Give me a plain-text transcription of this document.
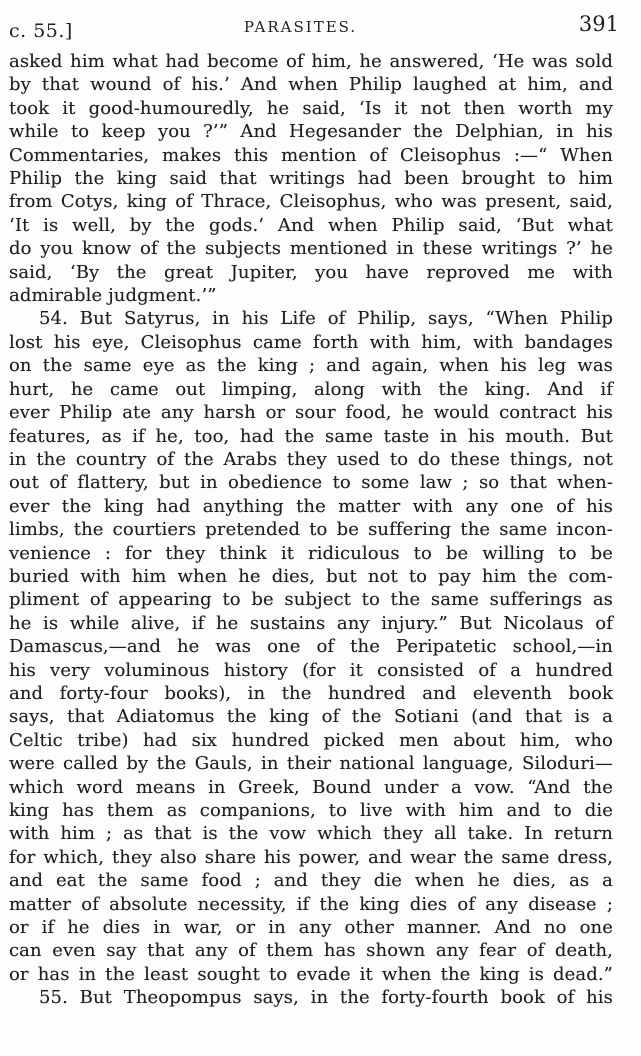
c. 55.]	PARASITES.	391
asked him what had become of him, he answered, ‘He was sold
by that wound of his.’ And when Philip laughed at him, and
took it good-humouredly, he said, ‘Is it not then worth my
while to keep you ?’” And Hegesander the Delphian, in his
Commentaries, makes this mention of Cleisophus :—“ When
Philip the king said that writings had been brought to him
from Cotys, king of Thrace, Cleisophus, who was present, said,
‘It is well, by the gods.’ And when Philip said, ‘But what
do you know of the subjects mentioned in these writings ?’ he
said, ‘By the great Jupiter, you have reproved me with
admirable judgment.’”
54. But Satyrus, in his Life of Philip, says, “When Philip
lost his eye, Cleisophus came forth with him, with bandages
on the same eye as the king ; and again, when his leg was
hurt, he came out limping, along with the king. And if
ever Philip ate any harsh or sour food, he would contract his
features, as if he, too, had the same taste in his mouth. But
in the country of the Arabs they used to do these things, not
out of flattery, but in obedience to some law ; so that when-
ever the king had anything the matter with any one of his
limbs, the courtiers pretended to be suffering the same incon-
venience : for they think it ridiculous to be willing to be
buried with him when he dies, but not to pay him the com-
pliment of appearing to be subject to the same sufferings as
he is while alive, if he sustains any injury.” But Nicolaus of
Damascus,—and he was one of the Peripatetic school,—in
his very voluminous history (for it consisted of a hundred
and forty-four books), in the hundred and eleventh book
says, that Adiatomus the king of the Sotiani (and that is a
Celtic tribe) had six hundred picked men about him, who
were called by the Gauls, in their national language, Siloduri—
which word means in Greek, Bound under a vow. “And the
king has them as companions, to live with him and to die
with him ; as that is the vow which they all take. In return
for which, they also share his power, and wear the same dress,
and eat the same food ; and they die when he dies, as a
matter of absolute necessity, if the king dies of any disease ;
or if he dies in war, or in any other manner. And no one
can even say that any of them has shown any fear of death,
or has in the least sought to evade it when the king is dead.”
55. But Theopompus says, in the forty-fourth book of his
